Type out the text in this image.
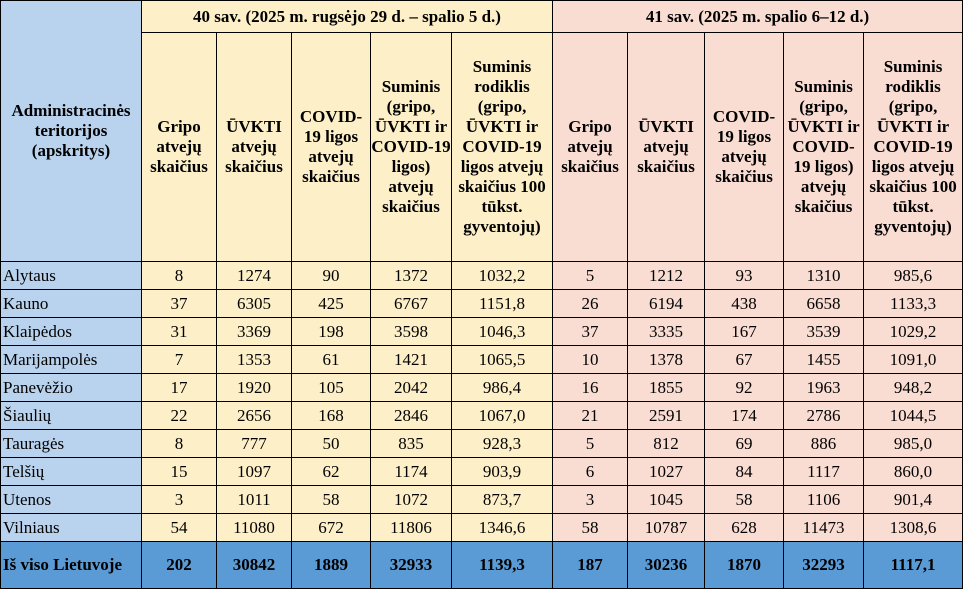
Administracinės teritorijos (apskritys)	40 sav. (2025 m. rugsėjo 29 d. – spalio 5 d.)					41 sav. (2025 m. spalio 6–12 d.)				
	Gripo atvejų skaičius	ŪVKTI atvejų skaičius	COVID-19 ligos atvejų skaičius	Suminis (gripo, ŪVKTI ir COVID-19 ligos) atvejų skaičius	Suminis rodiklis (gripo, ŪVKTI ir COVID-19 ligos atvejų skaičius 100 tūkst. gyventojų)	Gripo atvejų skaičius	ŪVKTI atvejų skaičius	COVID-19 ligos atvejų skaičius	Suminis (gripo, ŪVKTI ir COVID-19 ligos) atvejų skaičius	Suminis rodiklis (gripo, ŪVKTI ir COVID-19 ligos atvejų skaičius 100 tūkst. gyventojų)
Alytaus	8	1274	90	1372	1032,2	5	1212	93	1310	985,6
Kauno	37	6305	425	6767	1151,8	26	6194	438	6658	1133,3
Klaipėdos	31	3369	198	3598	1046,3	37	3335	167	3539	1029,2
Marijampolės	7	1353	61	1421	1065,5	10	1378	67	1455	1091,0
Panevėžio	17	1920	105	2042	986,4	16	1855	92	1963	948,2
Šiaulių	22	2656	168	2846	1067,0	21	2591	174	2786	1044,5
Tauragės	8	777	50	835	928,3	5	812	69	886	985,0
Telšių	15	1097	62	1174	903,9	6	1027	84	1117	860,0
Utenos	3	1011	58	1072	873,7	3	1045	58	1106	901,4
Vilniaus	54	11080	672	11806	1346,6	58	10787	628	11473	1308,6
Iš viso Lietuvoje	202	30842	1889	32933	1139,3	187	30236	1870	32293	1117,1
